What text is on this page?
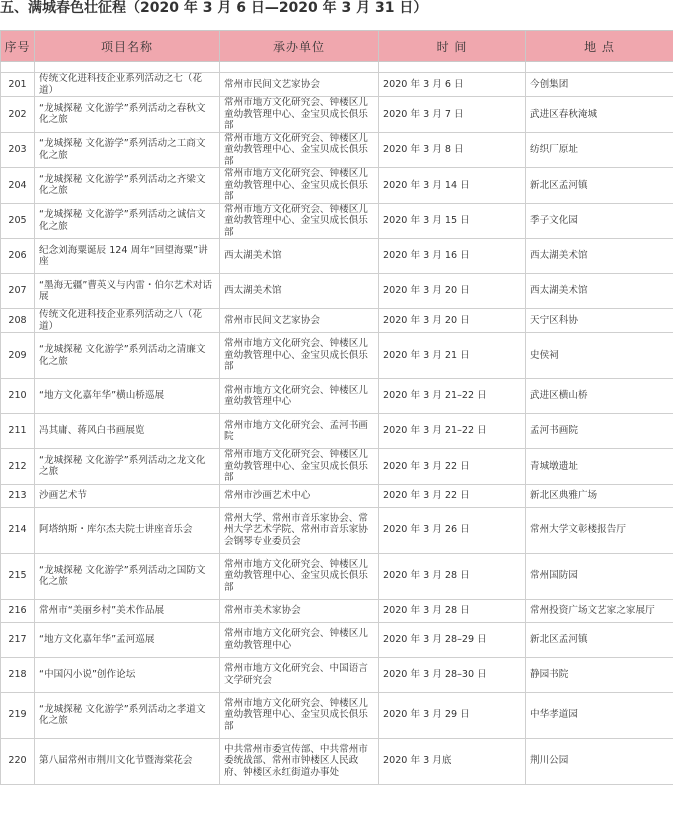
五、满城春色壮征程（2020 年 3 月 6 日—2020 年 3 月 31 日）
序号	项目名称	承办单位	时 间	地 点

201	传统文化进科技企业系列活动之七（花道）	常州市民间文艺家协会	2020 年 3 月 6 日	今创集团
202	“龙城探秘 文化游学”系列活动之春秋文化之旅	常州市地方文化研究会、钟楼区儿童幼教管理中心、金宝贝成长俱乐部	2020 年 3 月 7 日	武进区春秋淹城
203	“龙城探秘 文化游学”系列活动之工商文化之旅	常州市地方文化研究会、钟楼区儿童幼教管理中心、金宝贝成长俱乐部	2020 年 3 月 8 日	纺织厂原址
204	“龙城探秘 文化游学”系列活动之齐梁文化之旅	常州市地方文化研究会、钟楼区儿童幼教管理中心、金宝贝成长俱乐部	2020 年 3 月 14 日	新北区孟河镇
205	“龙城探秘 文化游学”系列活动之诚信文化之旅	常州市地方文化研究会、钟楼区儿童幼教管理中心、金宝贝成长俱乐部	2020 年 3 月 15 日	季子文化园
206	纪念刘海粟诞辰 124 周年“回望海粟”讲座	西太湖美术馆	2020 年 3 月 16 日	西太湖美术馆
207	“墨海无疆”曹英义与内雷・伯尔艺术对话展	西太湖美术馆	2020 年 3 月 20 日	西太湖美术馆
208	传统文化进科技企业系列活动之八（花道）	常州市民间文艺家协会	2020 年 3 月 20 日	天宁区科协
209	“龙城探秘 文化游学”系列活动之清廉文化之旅	常州市地方文化研究会、钟楼区儿童幼教管理中心、金宝贝成长俱乐部	2020 年 3 月 21 日	史侯祠
210	“地方文化嘉年华”横山桥巡展	常州市地方文化研究会、钟楼区儿童幼教管理中心	2020 年 3 月 21–22 日	武进区横山桥
211	冯其庸、蒋风白书画展览	常州市地方文化研究会、孟河书画院	2020 年 3 月 21–22 日	孟河书画院
212	“龙城探秘 文化游学”系列活动之龙文化之旅	常州市地方文化研究会、钟楼区儿童幼教管理中心、金宝贝成长俱乐部	2020 年 3 月 22 日	青城墩遗址
213	沙画艺术节	常州市沙画艺术中心	2020 年 3 月 22 日	新北区典雅广场
214	阿塔纳斯・库尔杰夫院士讲座音乐会	常州大学、常州市音乐家协会、常州大学艺术学院、常州市音乐家协会钢琴专业委员会	2020 年 3 月 26 日	常州大学文彰楼报告厅
215	“龙城探秘 文化游学”系列活动之国防文化之旅	常州市地方文化研究会、钟楼区儿童幼教管理中心、金宝贝成长俱乐部	2020 年 3 月 28 日	常州国防园
216	常州市“美丽乡村”美术作品展	常州市美术家协会	2020 年 3 月 28 日	常州投资广场文艺家之家展厅
217	“地方文化嘉年华”孟河巡展	常州市地方文化研究会、钟楼区儿童幼教管理中心	2020 年 3 月 28–29 日	新北区孟河镇
218	“中国闪小说”创作论坛	常州市地方文化研究会、中国语言文学研究会	2020 年 3 月 28–30 日	静园书院
219	“龙城探秘 文化游学”系列活动之孝道文化之旅	常州市地方文化研究会、钟楼区儿童幼教管理中心、金宝贝成长俱乐部	2020 年 3 月 29 日	中华孝道园
220	第八届常州市荆川文化节暨海棠花会	中共常州市委宣传部、中共常州市委统战部、常州市钟楼区人民政府、钟楼区永红街道办事处	2020 年 3 月底	荆川公园
